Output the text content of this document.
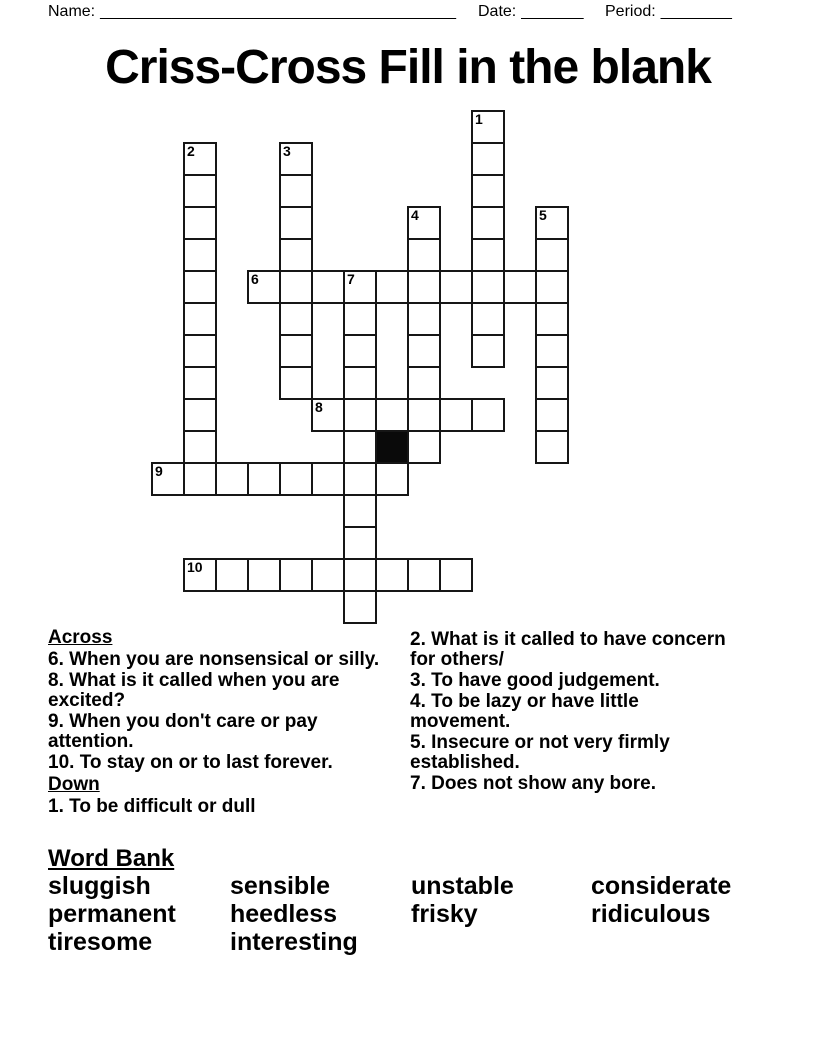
Name: ________________________________________ Date: _______ Period: ________
Criss-Cross Fill in the blank
1
2	3
4	5
6	7
8
9
10
Across

6. When you are nonsensical or silly.

8. What is it called when you are excited?

9. When you don't care or pay attention.

10. To stay on or to last forever.

Down

1. To be difficult or dull

2. What is it called to have concern for others/

3. To have good judgement.

4. To be lazy or have little movement.

5. Insecure or not very firmly established.

7. Does not show any bore.

Word Bank
sluggish	sensible	unstable	considerate
permanent	heedless	frisky	ridiculous
tiresome	interesting
